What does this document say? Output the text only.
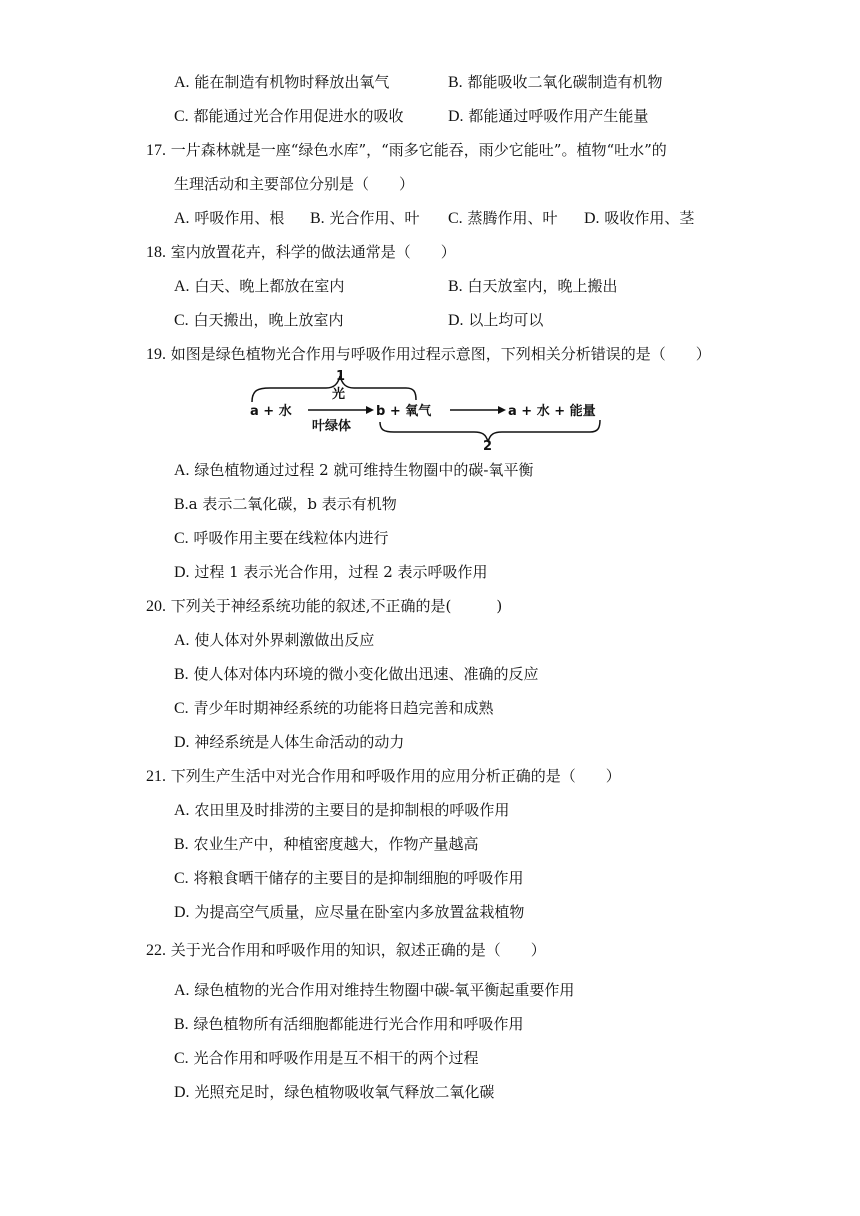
A. 能在制造有机物时释放出氧气	B. 都能吸收二氧化碳制造有机物
C. 都能通过光合作用促进水的吸收	D. 都能通过呼吸作用产生能量
17. 一片森林就是一座“绿色水库”，“雨多它能吞，雨少它能吐”。植物“吐水”的
生理活动和主要部位分别是（　　）
A. 呼吸作用、根 B. 光合作用、叶 C. 蒸腾作用、叶 D. 吸收作用、茎
18. 室内放置花卉，科学的做法通常是（　　）
A. 白天、晚上都放在室内	B. 白天放室内，晚上搬出
C. 白天搬出，晚上放室内	D. 以上均可以
19. 如图是绿色植物光合作用与呼吸作用过程示意图，下列相关分析错误的是（　　）
1
光
a + 水
叶绿体
b + 氧气	a + 水 + 能量
2
A. 绿色植物通过过程 2 就可维持生物圈中的碳-氧平衡
B.a 表示二氧化碳，b 表示有机物
C. 呼吸作用主要在线粒体内进行
D. 过程 1 表示光合作用，过程 2 表示呼吸作用
20. 下列关于神经系统功能的叙述,不正确的是(　　　)
A. 使人体对外界刺激做出反应
B. 使人体对体内环境的微小变化做出迅速、准确的反应
C. 青少年时期神经系统的功能将日趋完善和成熟
D. 神经系统是人体生命活动的动力
21. 下列生产生活中对光合作用和呼吸作用的应用分析正确的是（　　）
A. 农田里及时排涝的主要目的是抑制根的呼吸作用
B. 农业生产中，种植密度越大，作物产量越高
C. 将粮食晒干储存的主要目的是抑制细胞的呼吸作用
D. 为提高空气质量，应尽量在卧室内多放置盆栽植物
22. 关于光合作用和呼吸作用的知识，叙述正确的是（　　）
A. 绿色植物的光合作用对维持生物圈中碳-氧平衡起重要作用
B. 绿色植物所有活细胞都能进行光合作用和呼吸作用
C. 光合作用和呼吸作用是互不相干的两个过程
D. 光照充足时，绿色植物吸收氧气释放二氧化碳
